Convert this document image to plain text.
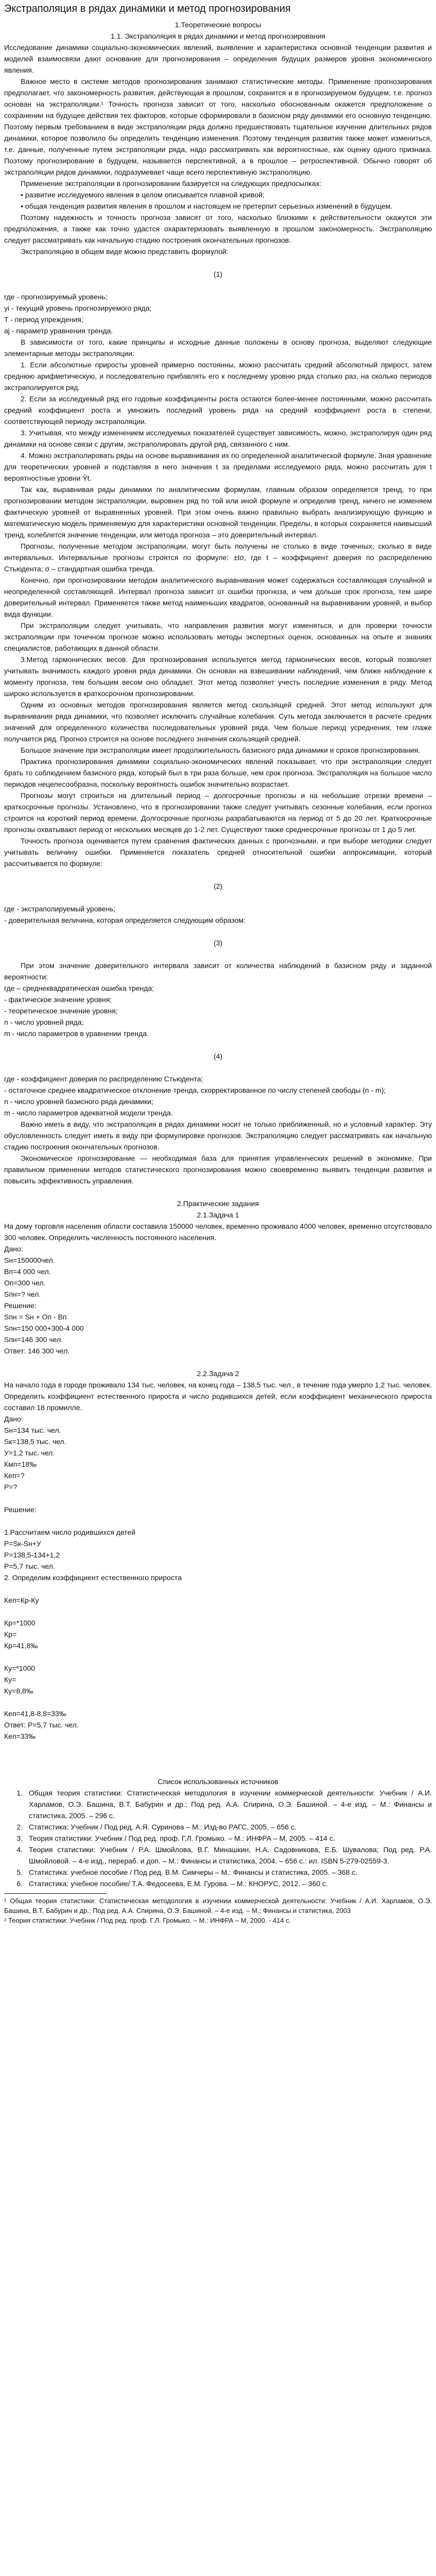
Экстраполяция в рядах динамики и метод прогнозирования

1.Теоретические вопросы

1.1. Экстраполяция в рядах динамики и метод прогнозирования

Исследование динамики социально-экономических явлений, выявление и характеристика основной тенденции развития и моделей взаимосвязи дают основание для прогнозирования – определения будущих размеров уровня экономического явления.

Важное место в системе методов прогнозирования занимают статистические методы. Применение прогнозирования предполагает, что закономерность развития, действующая в прошлом, сохранится и в прогнозируемом будущем, т.е. прогноз основан на экстраполяции.¹ Точность прогноза зависит от того, насколько обоснованным окажется предположение о сохранении на будущее действия тех факторов, которые сформировали в базисном ряду динамики его основную тенденцию. Поэтому первым требованием в виде экстраполяции ряда должно предшествовать тщательное изучение длительных рядов динамики, которое позволило бы определить тенденцию изменения. Поэтому тенденция развития также может измениться, т.е. данные, полученные путем экстраполяции ряда, надо рассматривать как вероятностные, как оценку одного признака. Поэтому прогнозирование в будущем, называется перспективной, а в прошлое – ретроспективной. Обычно говорят об экстраполяции рядов динамики, подразумевает чаще всего перспективную экстраполяцию.

Применение экстраполяции в прогнозировании базируется на следующих предпосылках:

• развитие исследуемого явления в целом описывается плавной кривой;

• общая тенденция развития явления в прошлом и настоящем не претерпит серьезных изменений в будущем.

Поэтому надежность и точность прогноза зависят от того, насколько близкими к действительности окажутся эти предположения, а также как точно удастся охарактеризовать выявленную в прошлом закономерность. Экстраполяцию следует рассматривать как начальную стадию построения окончательных прогнозов.

Экстраполяцию в общем виде можно представить формулой:

(1)

где - прогнозируемый уровень;

yi - текущий уровень прогнозируемого ряда;

T - период упреждения;

aj - параметр уравнения тренда.

В зависимости от того, какие принципы и исходные данные положены в основу прогноза, выделяют следующие элементарные методы экстраполяции:

1. Если абсолютные приросты уровней примерно постоянны, можно рассчитать средний абсолютный прирост, затем среднюю арифметическую, и последовательно прибавлять его к последнему уровню ряда столько раз, на сколько периодов экстраполируется ряд.

2. Если за исследуемый ряд его годовые коэффициенты роста остаются более-менее постоянными, можно рассчитать средний коэффициент роста и умножить последний уровень ряда на средний коэффициент роста в степени, соответствующей периоду экстраполяции.

3. Учитывая, что между изменением исследуемых показателей существует зависимость, можно, экстраполируя один ряд динамики на основе связи с другим, экстраполировать другой ряд, связанного с ним.

4. Можно экстраполировать ряды на основе выравнивания их по определенной аналитической формуле. Зная уравнение для теоретических уровней и подставляя в него значения t за пределами исследуемого ряда, можно рассчитать для t вероятностные уровни Ŷt.

Так как, выравнивая ряды динамики по аналитическим формулам, главным образом определяется тренд, то при прогнозировании методом экстраполяции, выровнен ряд по той или иной формуле и определив тренд, ничего не изменяем фактическую уровней от выравненных уровней. При этом очень важно правильно выбрать анализирующую функцию и математическую модель применяемую для характеристики основной тенденции. Пределы, в которых сохраняется наивысший тренд, колеблется значение тенденции, или метода прогноза – это доверительный интервал.

Прогнозы, полученные методом экстраполяции, могут быть получены не столько в виде точечных, сколько в виде интервальных. Интервальные прогнозы строятся по формуле: ±tσ, где t – коэффициент доверия по распределению Стьюдента; σ – стандартная ошибка тренда.

Конечно, при прогнозировании методом аналитического выравнивания может содержаться составляющая случайной и неопределенной составляющей. Интервал прогноза зависит от ошибки прогноза, и чем дольше срок прогноза, тем шире доверительный интервал. Применяется также метод наименьших квадратов, основанный на выравнивании уровней, и выбор вида функции.

При экстраполяции следует учитывать, что направления развития могут изменяться, и для проверки точности экстраполяции при точечном прогнозе можно использовать методы экспертных оценок, основанных на опыте и знаниях специалистов, работающих в данной области.

3.Метод гармонических весов. Для прогнозирования используется метод гармонических весов, который позволяет учитывать значимость каждого уровня ряда динамики. Он основан на взвешивании наблюдений, чем ближе наблюдение к моменту прогноза, тем большим весом оно обладает. Этот метод позволяет учесть последние изменения в ряду. Метод широко используется в краткосрочном прогнозировании.

Одним из основных методов прогнозирования является метод скользящей средней. Этот метод используют для выравнивания ряда динамики, что позволяет исключить случайные колебания. Суть метода заключается в расчете средних значений для определенного количества последовательных уровней ряда. Чем больше период усреднения, тем глаже получается ряд. Прогноз строится на основе последнего значения скользящей средней.

Большое значение при экстраполяции имеет продолжительность базисного ряда динамики и сроков прогнозирования.

Практика прогнозирования динамики социально-экономических явлений показывает, что при экстраполяции следует брать то соблюдением базисного ряда, который был в три раза больше, чем срок прогноза. Экстраполяция на большое число периодов нецелесообразна, поскольку вероятность ошибок значительно возрастает.

Прогнозы могут строиться на длительный период – долгосрочные прогнозы и на небольшие отрезки времени – краткосрочные прогнозы. Установлено, что в прогнозировании также следует учитывать сезонные колебания, если прогноз строится на короткий период времени. Долгосрочные прогнозы разрабатываются на период от 5 до 20 лет. Краткосрочные прогнозы охватывают период от нескольких месяцев до 1-2 лет. Существуют также среднесрочные прогнозы от 1 до 5 лет.

Точность прогноза оценивается путем сравнения фактических данных с прогнозными, и при выборе методики следует учитывать величину ошибки. Применяется показатель средней относительной ошибки аппроксимации, который рассчитывается по формуле:

(2)

где - экстраполируемый уровень;

- доверительная величина, которая определяется следующим образом:

(3)

При этом значение доверительного интервала зависит от количества наблюдений в базисном ряду и заданной вероятности:

где – среднеквадратическая ошибка тренда;

- фактическое значение уровня;

- теоретическое значение уровня;

n - число уровней ряда;

m - число параметров в уравнении тренда.

(4)

где - коэффициент доверия по распределению Стьюдента;

- остаточное среднее квадратическое отклонение тренда, скорректированное по числу степеней свободы (n - m);

n - число уровней базисного ряда динамики;

m - число параметров адекватной модели тренда.

Важно иметь в виду, что экстраполяция в рядах динамики носит не только приближенный, но и условный характер. Эту обусловленность следует иметь в виду при формулировке прогнозов. Экстраполяцию следует рассматривать как начальную стадию построения окончательных прогнозов.

Экономическое прогнозирование — необходимая база для принятия управленческих решений в экономике. При правильном применении методов статистического прогнозирования можно своевременно выявить тенденции развития и повысить эффективность управления.

2.Практические задания

2.1.Задача 1

На дому торговля населения области составила 150000 человек, временно проживало 4000 человек, временно отсутствовало 300 человек. Определить численность постоянного населения.

Дано:

Sн=150000чел.

Вп=4 000 чел.

Оп=300 чел.

Sпн=? чел.

Решение:

Sпн = Sн + Оп - Вп

Sпн=150 000+300-4 000

Sпн=146 300 чел.

Ответ: 146 300 чел.

2.2.Задача 2

На начало года в городе проживало 134 тыс. человек, на конец года – 138,5 тыс. чел., в течение года умерло 1,2 тыс. человек. Определить коэффициент естественного прироста и число родившихся детей, если коэффициент механического прироста составил 18 промилле.

Дано:

Sн=134 тыс. чел.

Sк=138,5 тыс. чел.

У=1,2 тыс. чел.

Кмп=18‰

Кеп=?

Р=?

Решение:

1.Рассчитаем число родившихся детей

Р=Sк-Sн+У

Р=138,5-134+1,2

Р=5,7 тыс. чел.

2. Определим коэффициент естественного прироста

Кеп=Кр-Ку

Кр=*1000

Кр=

Кр=41,8‰

Ку=*1000

Ку=

Ку=8,8‰

Кеп=41,8-8,8=33‰

Ответ: Р=5,7 тыс. чел.

Кеп=33‰

Список использованных источников

1. Общая теория статистики: Статистическая методология в изучении коммерческой деятельности: Учебник / А.И. Харламов, О.Э. Башина, В.Т. Бабурин и др.; Под ред. А.А. Спирина, О.Э. Башиной. – 4-е изд. – М.: Финансы и статистика, 2005. – 296 с.
2. Статистика: Учебник / Под ред. А.Я. Суринова – М.: Изд-во РАГС, 2005. – 656 с.
3. Теория статистики: Учебник / Под ред. проф. Г.Л. Громыко. – М.: ИНФРА – М, 2005. – 414 с.
4. Теория статистики: Учебник / Р.А. Шмойлова, В.Г. Минашкин, Н.А. Садовникова, Е.Б. Шувалова; Под ред. Р.А. Шмойловой. – 4-е изд., перераб. и доп. – М.: Финансы и статистика, 2004. – 656 с.: ил. ISBN 5-279-02559-3.
5. Статистика: учебное пособие / Под ред. В.М. Симчеры – М.: Финансы и статистика, 2005. – 368 с.
6. Статистика: учебное пособие/ Т.А. Федосеева, Е.М. Гурова. – М.: КНОРУС, 2012. – 360 с.

¹ Общая теория статистики: Статистическая методология в изучении коммерческой деятельности: Учебник / А.И. Харламов, О.Э. Башина, В.Т. Бабурин и др.; Под ред. А.А. Спирина, О.Э. Башиной. – 4-е изд. – М.: Финансы и статистика, 2003

² Теория статистики: Учебник / Под ред. проф. Г.Л. Громыко. – М.: ИНФРА – М, 2000. - 414 с.
